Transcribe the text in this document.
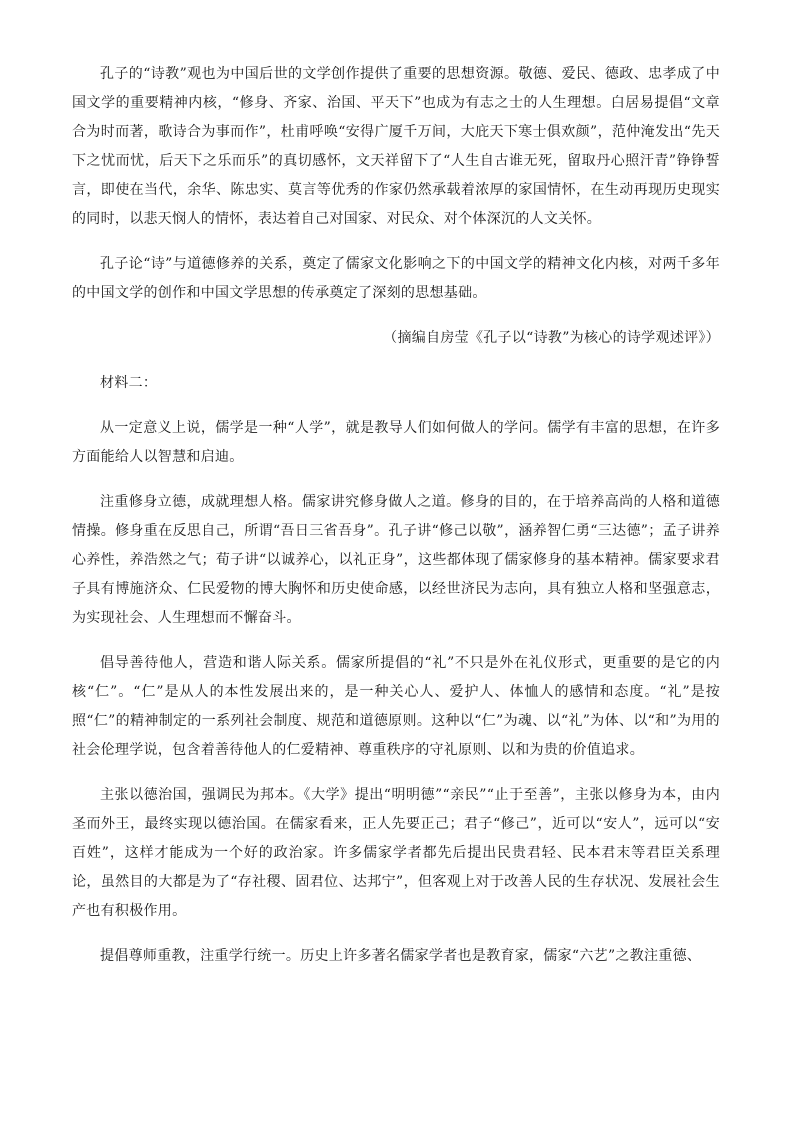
孔子的“诗教”观也为中国后世的文学创作提供了重要的思想资源。敬德、爱民、德政、忠孝成了中国文学的重要精神内核，“修身、齐家、治国、平天下”也成为有志之士的人生理想。白居易提倡“文章合为时而著，歌诗合为事而作”，杜甫呼唤“安得广厦千万间，大庇天下寒士俱欢颜”，范仲淹发出“先天下之忧而忧，后天下之乐而乐”的真切感怀，文天祥留下了“人生自古谁无死，留取丹心照汗青”铮铮誓言，即使在当代，余华、陈忠实、莫言等优秀的作家仍然承载着浓厚的家国情怀，在生动再现历史现实的同时，以悲天悯人的情怀，表达着自己对国家、对民众、对个体深沉的人文关怀。

孔子论“诗”与道德修养的关系，奠定了儒家文化影响之下的中国文学的精神文化内核，对两千多年的中国文学的创作和中国文学思想的传承奠定了深刻的思想基础。

（摘编自房莹《孔子以“诗教”为核心的诗学观述评》）

材料二：

从一定意义上说，儒学是一种“人学”，就是教导人们如何做人的学问。儒学有丰富的思想，在许多方面能给人以智慧和启迪。

注重修身立德，成就理想人格。儒家讲究修身做人之道。修身的目的，在于培养高尚的人格和道德情操。修身重在反思自己，所谓“吾日三省吾身”。孔子讲“修己以敬”，涵养智仁勇“三达德”；孟子讲养心养性，养浩然之气；荀子讲“以诚养心，以礼正身”，这些都体现了儒家修身的基本精神。儒家要求君子具有博施济众、仁民爱物的博大胸怀和历史使命感，以经世济民为志向，具有独立人格和坚强意志，为实现社会、人生理想而不懈奋斗。

倡导善待他人，营造和谐人际关系。儒家所提倡的“礼”不只是外在礼仪形式，更重要的是它的内核“仁”。“仁”是从人的本性发展出来的，是一种关心人、爱护人、体恤人的感情和态度。“礼”是按照“仁”的精神制定的一系列社会制度、规范和道德原则。这种以“仁”为魂、以“礼”为体、以“和”为用的社会伦理学说，包含着善待他人的仁爱精神、尊重秩序的守礼原则、以和为贵的价值追求。

主张以德治国，强调民为邦本。《大学》提出“明明德”“亲民”“止于至善”，主张以修身为本，由内圣而外王，最终实现以德治国。在儒家看来，正人先要正己；君子“修己”，近可以“安人”，远可以“安百姓”，这样才能成为一个好的政治家。许多儒家学者都先后提出民贵君轻、民本君末等君臣关系理论，虽然目的大都是为了“存社稷、固君位、达邦宁”，但客观上对于改善人民的生存状况、发展社会生产也有积极作用。

提倡尊师重教，注重学行统一。历史上许多著名儒家学者也是教育家，儒家“六艺”之教注重德、
